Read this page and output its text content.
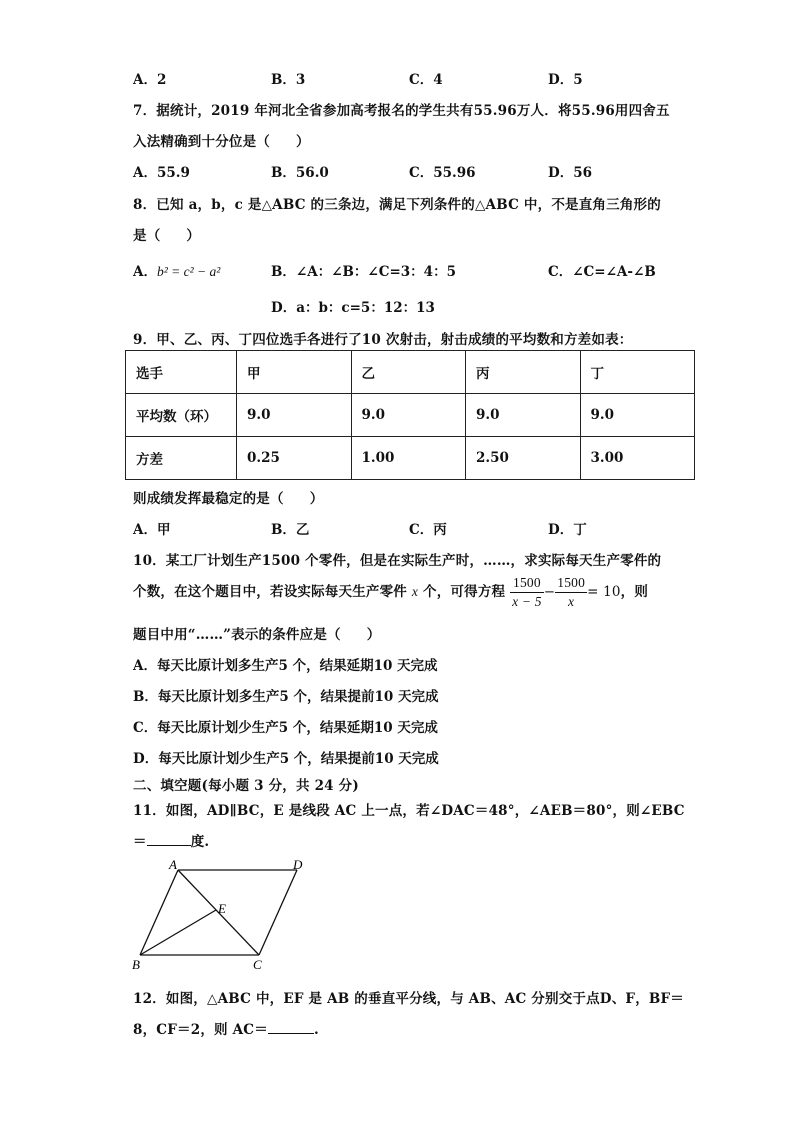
A．2	B．3	C．4	D．5
7．据统计，2019 年河北全省参加高考报名的学生共有55.96万人．将55.96用四舍五
入法精确到十分位是（ ）
A．55.9	B．56.0	C．55.96	D．56
8．已知 a，b，c 是△ABC 的三条边，满足下列条件的△ABC 中，不是直角三角形的
是（ ）
A．b² = c² − a²	B．∠A：∠B：∠C=3：4：5	C．∠C=∠A-∠B
D．a：b：c=5：12：13
9．甲、乙、丙、丁四位选手各进行了10 次射击，射击成绩的平均数和方差如表：
选手	甲	乙	丙	丁
平均数（环）	9.0	9.0	9.0	9.0
方差	0.25	1.00	2.50	3.00
则成绩发挥最稳定的是（ ）
A．甲	B．乙	C．丙	D．丁
10．某工厂计划生产1500 个零件，但是在实际生产时，……，求实际每天生产零件的
个数，在这个题目中，若设实际每天生产零件 x 个，可得方程 $\frac{1500}{x - 5} - \frac{1500}{x} = 10$，则
题目中用“……”表示的条件应是（ ）
A．每天比原计划多生产5 个，结果延期10 天完成
B．每天比原计划多生产5 个，结果提前10 天完成
C．每天比原计划少生产5 个，结果延期10 天完成
D．每天比原计划少生产5 个，结果提前10 天完成
二、填空题(每小题 3 分，共 24 分)
11．如图，AD∥BC，E 是线段 AC 上一点，若∠DAC＝48°，∠AEB＝80°，则∠EBC
＝	度.
A	D
E
B	C
12．如图，△ABC 中，EF 是 AB 的垂直平分线，与 AB、AC 分别交于点D、F，BF＝
8，CF＝2，则 AC＝	.
